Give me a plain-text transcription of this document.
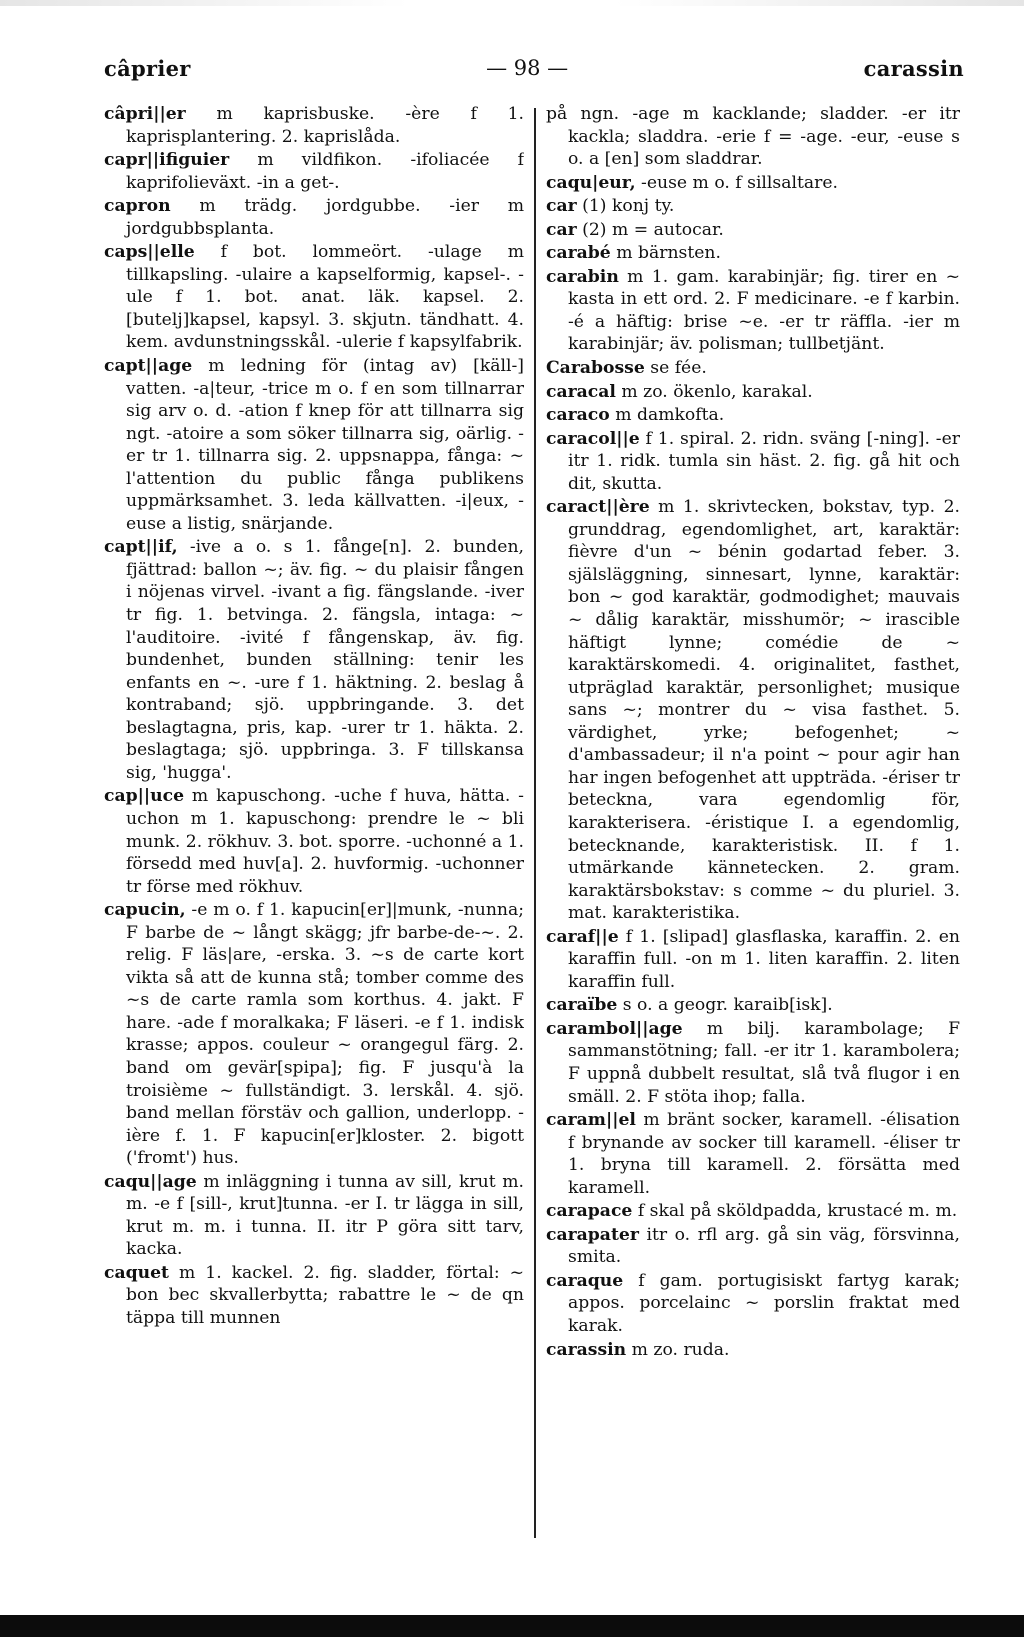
câprier	— 98 —	carassin

câpri||er m kaprisbuske. -ère f 1. kaprisplantering. 2. kaprislåda.

capr||ifiguier m vildfikon. -ifoliacée f kaprifolieväxt. -in a get-.

capron m trädg. jordgubbe. -ier m jordgubbsplanta.

caps||elle f bot. lommeört. -ulage m tillkapsling. -ulaire a kapselformig, kapsel-. -ule f 1. bot. anat. läk. kapsel. 2. [butelj]kapsel, kapsyl. 3. skjutn. tändhatt. 4. kem. avdunstningsskål. -ulerie f kapsylfabrik.

capt||age m ledning för (intag av) [käll-] vatten. -a|teur, -trice m o. f en som tillnarrar sig arv o. d. -ation f knep för att tillnarra sig ngt. -atoire a som söker tillnarra sig, oärlig. -er tr 1. tillnarra sig. 2. uppsnappa, fånga: ~ l'attention du public fånga publikens uppmärksamhet. 3. leda källvatten. -i|eux, -euse a listig, snärjande.

capt||if, -ive a o. s 1. fånge[n]. 2. bunden, fjättrad: ballon ~; äv. fig. ~ du plaisir fången i nöjenas virvel. -ivant a fig. fängslande. -iver tr fig. 1. betvinga. 2. fängsla, intaga: ~ l'auditoire. -ivité f fångenskap, äv. fig. bundenhet, bunden ställning: tenir les enfants en ~. -ure f 1. häktning. 2. beslag å kontraband; sjö. uppbringande. 3. det beslagtagna, pris, kap. -urer tr 1. häkta. 2. beslagtaga; sjö. uppbringa. 3. F tillskansa sig, 'hugga'.

cap||uce m kapuschong. -uche f huva, hätta. -uchon m 1. kapuschong: prendre le ~ bli munk. 2. rökhuv. 3. bot. sporre. -uchonné a 1. försedd med huv[a]. 2. huvformig. -uchonner tr förse med rökhuv.

capucin, -e m o. f 1. kapucin[er]|munk, -nunna; F barbe de ~ långt skägg; jfr barbe-de-~. 2. relig. F läs|are, -erska. 3. ~s de carte kort vikta så att de kunna stå; tomber comme des ~s de carte ramla som korthus. 4. jakt. F hare. -ade f moralkaka; F läseri. -e f 1. indisk krasse; appos. couleur ~ orangegul färg. 2. band om gevär[spipa]; fig. F jusqu'à la troisième ~ fullständigt. 3. lerskål. 4. sjö. band mellan förstäv och gallion, underlopp. -ière f. 1. F kapucin[er]kloster. 2. bigott ('fromt') hus.

caqu||age m inläggning i tunna av sill, krut m. m. -e f [sill-, krut]tunna. -er I. tr lägga in sill, krut m. m. i tunna. II. itr P göra sitt tarv, kacka.

caquet m 1. kackel. 2. fig. sladder, förtal: ~ bon bec skvallerbytta; rabattre le ~ de qn täppa till munnen

på ngn. -age m kacklande; sladder. -er itr kackla; sladdra. -erie f = -age. -eur, -euse s o. a [en] som sladdrar.

caqu|eur, -euse m o. f sillsaltare.

car (1) konj ty.

car (2) m = autocar.

carabé m bärnsten.

carabin m 1. gam. karabinjär; fig. tirer en ~ kasta in ett ord. 2. F medicinare. -e f karbin. -é a häftig: brise ~e. -er tr räffla. -ier m karabinjär; äv. polisman; tullbetjänt.

Carabosse se fée.

caracal m zo. ökenlo, karakal.

caraco m damkofta.

caracol||e f 1. spiral. 2. ridn. sväng [-ning]. -er itr 1. ridk. tumla sin häst. 2. fig. gå hit och dit, skutta.

caract||ère m 1. skrivtecken, bokstav, typ. 2. grunddrag, egendomlighet, art, karaktär: fièvre d'un ~ bénin godartad feber. 3. själsläggning, sinnesart, lynne, karaktär: bon ~ god karaktär, godmodighet; mauvais ~ dålig karaktär, misshumör; ~ irascible häftigt lynne; comédie de ~ karaktärskomedi. 4. originalitet, fasthet, utpräglad karaktär, personlighet; musique sans ~; montrer du ~ visa fasthet. 5. värdighet, yrke; befogenhet; ~ d'ambassadeur; il n'a point ~ pour agir han har ingen befogenhet att uppträda. -ériser tr beteckna, vara egendomlig för, karakterisera. -éristique I. a egendomlig, betecknande, karakteristisk. II. f 1. utmärkande kännetecken. 2. gram. karaktärsbokstav: s comme ~ du pluriel. 3. mat. karakteristika.

caraf||e f 1. [slipad] glasflaska, karaffin. 2. en karaffin full. -on m 1. liten karaffin. 2. liten karaffin full.

caraïbe s o. a geogr. karaib[isk].

carambol||age m bilj. karambolage; F sammanstötning; fall. -er itr 1. karambolera; F uppnå dubbelt resultat, slå två flugor i en smäll. 2. F stöta ihop; falla.

caram||el m bränt socker, karamell. -élisation f brynande av socker till karamell. -éliser tr 1. bryna till karamell. 2. försätta med karamell.

carapace f skal på sköldpadda, krustacé m. m.

carapater itr o. rfl arg. gå sin väg, försvinna, smita.

caraque f gam. portugisiskt fartyg karak; appos. porcelainc ~ porslin fraktat med karak.

carassin m zo. ruda.
